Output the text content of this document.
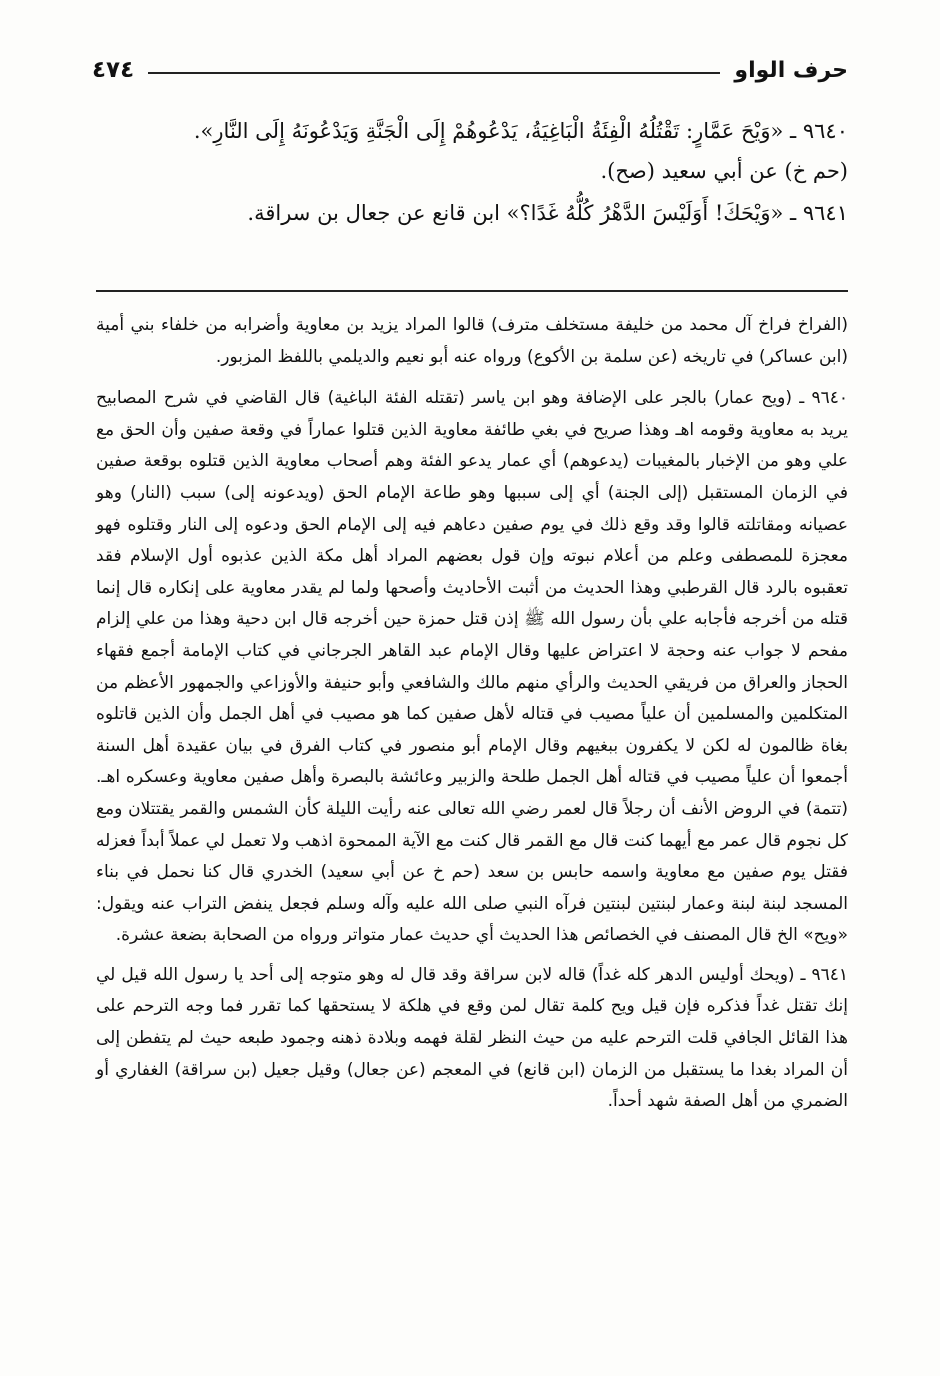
٤٧٤	حرف الواو

٩٦٤٠ ـ «وَيْحَ عَمَّارٍ: تَقْتُلُهُ الْفِئَةُ الْبَاغِيَةُ، يَدْعُوهُمْ إِلَى الْجَنَّةِ وَيَدْعُونَهُ إِلَى النَّارِ».

(حم خ) عن أبي سعيد (صح).

٩٦٤١ ـ «وَيْحَكَ! أَوَلَيْسَ الدَّهْرُ كُلُّهُ غَدًا؟» ابن قانع عن جعال بن سراقة.

(الفراخ فراخ آل محمد من خليفة مستخلف مترف) قالوا المراد يزيد بن معاوية وأضرابه من خلفاء بني أمية (ابن عساكر) في تاريخه (عن سلمة بن الأكوع) ورواه عنه أبو نعيم والديلمي باللفظ المزبور.

٩٦٤٠ ـ (ويح عمار) بالجر على الإضافة وهو ابن ياسر (تقتله الفئة الباغية) قال القاضي في شرح المصابيح يريد به معاوية وقومه اهـ وهذا صريح في بغي طائفة معاوية الذين قتلوا عماراً في وقعة صفين وأن الحق مع علي وهو من الإخبار بالمغيبات (يدعوهم) أي عمار يدعو الفئة وهم أصحاب معاوية الذين قتلوه بوقعة صفين في الزمان المستقبل (إلى الجنة) أي إلى سببها وهو طاعة الإمام الحق (ويدعونه إلى) سبب (النار) وهو عصيانه ومقاتلته قالوا وقد وقع ذلك في يوم صفين دعاهم فيه إلى الإمام الحق ودعوه إلى النار وقتلوه فهو معجزة للمصطفى وعلم من أعلام نبوته وإن قول بعضهم المراد أهل مكة الذين عذبوه أول الإسلام فقد تعقبوه بالرد قال القرطبي وهذا الحديث من أثبت الأحاديث وأصحها ولما لم يقدر معاوية على إنكاره قال إنما قتله من أخرجه فأجابه علي بأن رسول الله ﷺ إذن قتل حمزة حين أخرجه قال ابن دحية وهذا من علي إلزام مفحم لا جواب عنه وحجة لا اعتراض عليها وقال الإمام عبد القاهر الجرجاني في كتاب الإمامة أجمع فقهاء الحجاز والعراق من فريقي الحديث والرأي منهم مالك والشافعي وأبو حنيفة والأوزاعي والجمهور الأعظم من المتكلمين والمسلمين أن علياً مصيب في قتاله لأهل صفين كما هو مصيب في أهل الجمل وأن الذين قاتلوه بغاة ظالمون له لكن لا يكفرون ببغيهم وقال الإمام أبو منصور في كتاب الفرق في بيان عقيدة أهل السنة أجمعوا أن علياً مصيب في قتاله أهل الجمل طلحة والزبير وعائشة بالبصرة وأهل صفين معاوية وعسكره اهـ. (تتمة) في الروض الأنف أن رجلاً قال لعمر رضي الله تعالى عنه رأيت الليلة كأن الشمس والقمر يقتتلان ومع كل نجوم قال عمر مع أيهما كنت قال مع القمر قال كنت مع الآية الممحوة اذهب ولا تعمل لي عملاً أبداً فعزله فقتل يوم صفين مع معاوية واسمه حابس بن سعد (حم خ عن أبي سعيد) الخدري قال كنا نحمل في بناء المسجد لبنة لبنة وعمار لبنتين لبنتين فرآه النبي صلى الله عليه وآله وسلم فجعل ينفض التراب عنه ويقول: «ويح» الخ قال المصنف في الخصائص هذا الحديث أي حديث عمار متواتر ورواه من الصحابة بضعة عشرة.

٩٦٤١ ـ (ويحك أوليس الدهر كله غداً) قاله لابن سراقة وقد قال له وهو متوجه إلى أحد يا رسول الله قيل لي إنك تقتل غداً فذكره فإن قيل ويح كلمة تقال لمن وقع في هلكة لا يستحقها كما تقرر فما وجه الترحم على هذا القائل الجافي قلت الترحم عليه من حيث النظر لقلة فهمه وبلادة ذهنه وجمود طبعه حيث لم يتفطن إلى أن المراد بغدا ما يستقبل من الزمان (ابن قانع) في المعجم (عن جعال) وقيل جعيل (بن سراقة) الغفاري أو الضمري من أهل الصفة شهد أحداً.
